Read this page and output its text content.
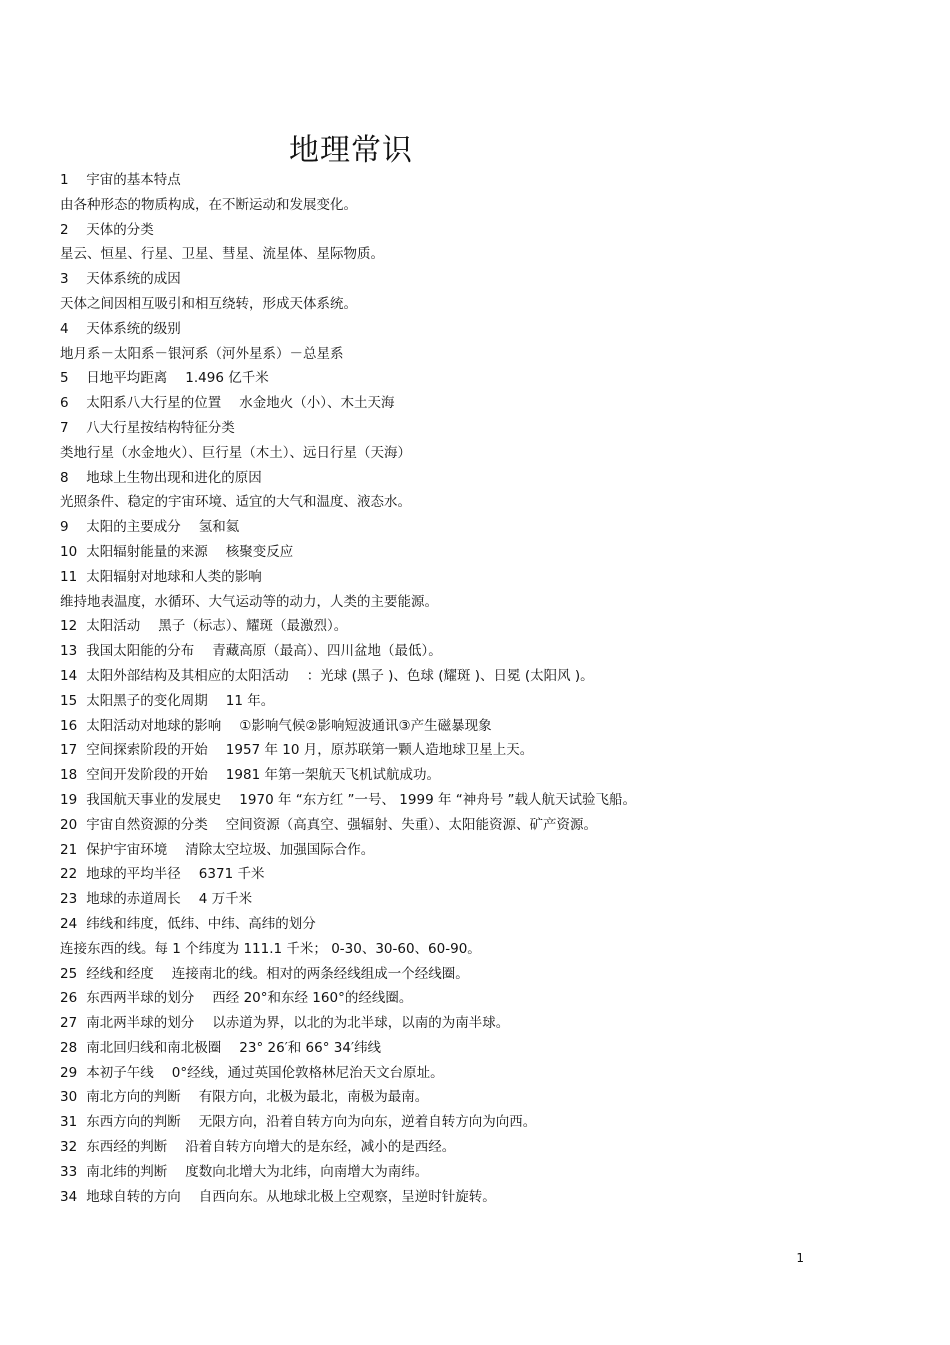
地理常识
1 宇宙的基本特点
由各种形态的物质构成，在不断运动和发展变化。
2 天体的分类
星云、恒星、行星、卫星、彗星、流星体、星际物质。
3 天体系统的成因
天体之间因相互吸引和相互绕转，形成天体系统。
4 天体系统的级别
地月系－太阳系－银河系（河外星系）－总星系
5 日地平均距离 1.496 亿千米
6 太阳系八大行星的位置 水金地火（小）、木土天海
7 八大行星按结构特征分类
类地行星（水金地火）、巨行星（木土）、远日行星（天海）
8 地球上生物出现和进化的原因
光照条件、稳定的宇宙环境、适宜的大气和温度、液态水。
9 太阳的主要成分 氢和氦
10 太阳辐射能量的来源 核聚变反应
11 太阳辐射对地球和人类的影响
维持地表温度，水循环、大气运动等的动力，人类的主要能源。
12 太阳活动 黑子（标志）、耀斑（最激烈）。
13 我国太阳能的分布 青藏高原（最高）、四川盆地（最低）。
14 太阳外部结构及其相应的太阳活动 ：光球 (黑子 )、色球 (耀斑 )、日冕 (太阳风 )。
15 太阳黑子的变化周期 11 年。
16 太阳活动对地球的影响 ①影响气候②影响短波通讯③产生磁暴现象
17 空间探索阶段的开始 1957 年 10 月，原苏联第一颗人造地球卫星上天。
18 空间开发阶段的开始 1981 年第一架航天飞机试航成功。
19 我国航天事业的发展史 1970 年 “东方红 ”一号、 1999 年 “神舟号 ”载人航天试验飞船。
20 宇宙自然资源的分类 空间资源（高真空、强辐射、失重）、太阳能资源、矿产资源。
21 保护宇宙环境 清除太空垃圾、加强国际合作。
22 地球的平均半径 6371 千米
23 地球的赤道周长 4 万千米
24 纬线和纬度，低纬、中纬、高纬的划分
连接东西的线。每 1 个纬度为 111.1 千米； 0-30、30-60、60-90。
25 经线和经度 连接南北的线。相对的两条经线组成一个经线圈。
26 东西两半球的划分 西经 20°和东经 160°的经线圈。
27 南北两半球的划分 以赤道为界，以北的为北半球，以南的为南半球。
28 南北回归线和南北极圈 23° 26′和 66° 34′纬线
29 本初子午线 0°经线，通过英国伦敦格林尼治天文台原址。
30 南北方向的判断 有限方向，北极为最北，南极为最南。
31 东西方向的判断 无限方向，沿着自转方向为向东，逆着自转方向为向西。
32 东西经的判断 沿着自转方向增大的是东经，减小的是西经。
33 南北纬的判断 度数向北增大为北纬，向南增大为南纬。
34 地球自转的方向 自西向东。从地球北极上空观察，呈逆时针旋转。
1
